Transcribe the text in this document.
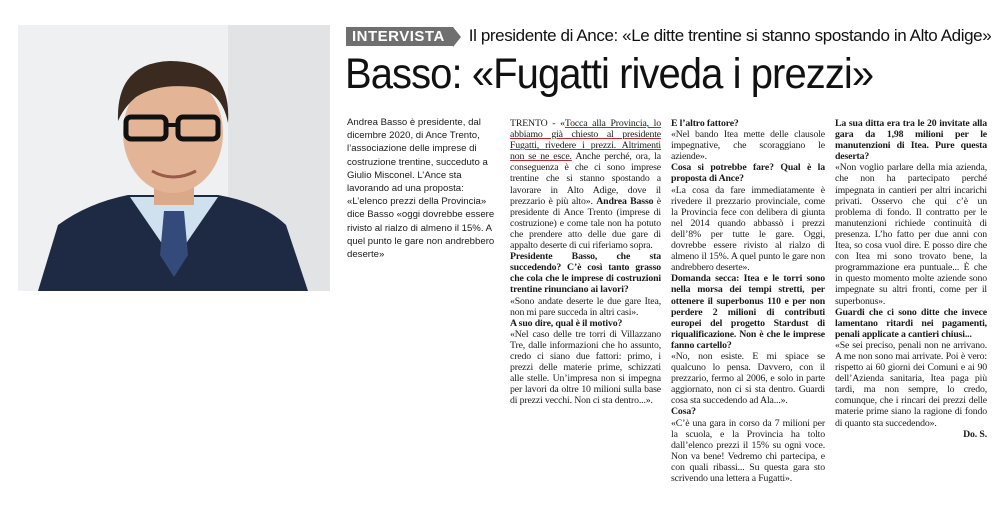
INTERVISTA	Il presidente di Ance: «Le ditte trentine si stanno spostando in Alto Adige»
Basso: «Fugatti riveda i prezzi»
Andrea Basso è presidente, dal dicembre 2020, di Ance Trento, l’associazione delle imprese di costruzione trentine, succeduto a Giulio Misconel. L’Ance sta lavorando ad una proposta: «L’elenco prezzi della Provincia» dice Basso «oggi dovrebbe essere rivisto al rialzo di almeno il 15%. A quel punto le gare non andrebbero deserte»
TRENTO - «Tocca alla Provincia, lo abbiamo già chiesto al presidente Fugatti, rivedere i prezzi. Altrimenti non se ne esce. Anche perché, ora, la conseguenza è che ci sono imprese trentine che si stanno spostando a lavorare in Alto Adige, dove il prezzario è più alto». Andrea Basso è presidente di Ance Trento (imprese di costruzione) e come tale non ha potuto che prendere atto delle due gare di appalto deserte di cui riferiamo sopra.
Presidente Basso, che sta succedendo? C’è così tanto grasso che cola che le imprese di costruzioni trentine rinunciano ai lavori?
«Sono andate deserte le due gare Itea, non mi pare succeda in altri casi».
A suo dire, qual è il motivo?
«Nel caso delle tre torri di Villazzano Tre, dalle informazioni che ho assunto, credo ci siano due fattori: primo, i prezzi delle materie prime, schizzati alle stelle. Un’impresa non si impegna per lavori da oltre 10 milioni sulla base di prezzi vecchi. Non ci sta dentro...».
E l’altro fattore?
«Nel bando Itea mette delle clausole impegnative, che scoraggiano le aziende».
Cosa si potrebbe fare? Qual è la proposta di Ance?
«La cosa da fare immediatamente è rivedere il prezzario provinciale, come la Provincia fece con delibera di giunta nel 2014 quando abbassò i prezzi dell’8% per tutte le gare. Oggi, dovrebbe essere rivisto al rialzo di almeno il 15%. A quel punto le gare non andrebbero deserte».
Domanda secca: Itea e le torri sono nella morsa dei tempi stretti, per ottenere il superbonus 110 e per non perdere 2 milioni di contributi europei del progetto Stardust di riqualificazione. Non è che le imprese fanno cartello?
«No, non esiste. E mi spiace se qualcuno lo pensa. Davvero, con il prezzario, fermo al 2006, e solo in parte aggiornato, non ci si sta dentro. Guardi cosa sta succedendo ad Ala...».
Cosa?
«C’è una gara in corso da 7 milioni per la scuola, e la Provincia ha tolto dall’elenco prezzi il 15% su ogni voce. Non va bene! Vedremo chi partecipa, e con quali ribassi... Su questa gara sto scrivendo una lettera a Fugatti».
La sua ditta era tra le 20 invitate alla gara da 1,98 milioni per le manutenzioni di Itea. Pure questa deserta?
«Non voglio parlare della mia azienda, che non ha partecipato perché impegnata in cantieri per altri incarichi privati. Osservo che qui c’è un problema di fondo. Il contratto per le manutenzioni richiede continuità di presenza. L’ho fatto per due anni con Itea, so cosa vuol dire. E posso dire che con Itea mi sono trovato bene, la programmazione era puntuale... È che in questo momento molte aziende sono impegnate su altri fronti, come per il superbonus».
Guardi che ci sono ditte che invece lamentano ritardi nei pagamenti, penali applicate a cantieri chiusi...
«Se sei preciso, penali non ne arrivano. A me non sono mai arrivate. Poi è vero: rispetto ai 60 giorni dei Comuni e ai 90 dell’Azienda sanitaria, Itea paga più tardi, ma non sempre, lo credo, comunque, che i rincari dei prezzi delle materie prime siano la ragione di fondo di quanto sta succedendo».
Do. S.
